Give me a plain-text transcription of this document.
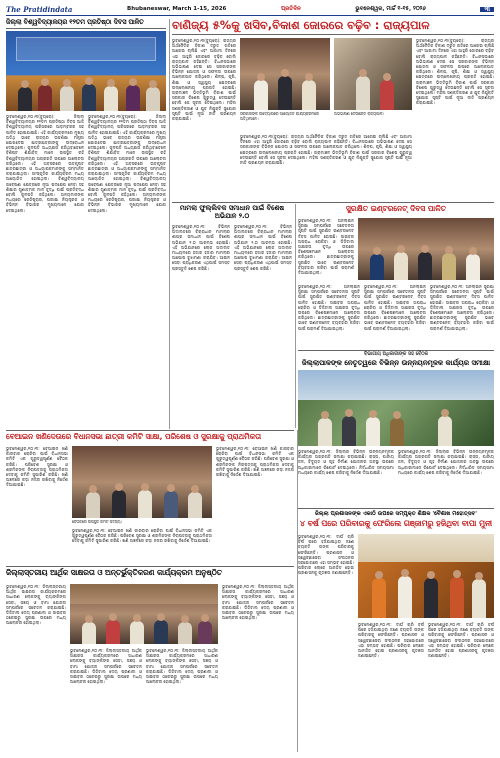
The Pratidindata	Bhubaneswar, March 1-15, 2026	ପ୍ରତିଦିନ	ଭୁବନେଶ୍ୱର, ମାର୍ଚ୍ଚ ୧-୧୫, ୨୦୨୬	୩
ଜିଲ୍ଲା ବିଶ୍ୱବିଦ୍ୟାଳୟର ୧୨ତମ ପ୍ରତିଷ୍ଠା ଦିବସ ପାଳିତ
ଭୁବନେଶ୍ୱର,୧୦।୩(ବ୍ୟୁରୋ): ଜିଲ୍ଲା ବିଶ୍ୱବିଦ୍ୟାଳୟର ୧୨ତମ ପ୍ରତିଷ୍ଠା ଦିବସ ଆଜି ବିଶ୍ୱବିଦ୍ୟାଳୟ ପରିସରରେ ଆଡ଼ମ୍ବରର ସହ ପାଳିତ ହୋଇଯାଇଛି। ଏହି କାର୍ଯ୍ୟକ୍ରମରେ ମୁଖ୍ୟ ଅତିଥି ଭାବେ ରାଜ୍ୟର ଉଚ୍ଚଶିକ୍ଷା ମନ୍ତ୍ରୀ ଯୋଗଦେଇ ଛାତ୍ରଛାତ୍ରୀଙ୍କୁ ଉଦ୍ବୋଧନ ଦେଇଥିଲେ। କୁଳପତି ଅଧ୍ୟକ୍ଷତା କରିଥିବାବେଳେ ବିଶିଷ୍ଟ ଶିକ୍ଷାବିତ୍ ମାନେ ଉପସ୍ଥିତ ରହି ବିଶ୍ୱବିଦ୍ୟାଳୟର ଅଗ୍ରଗତି ଉପରେ ଆଲୋଚନା କରିଥିଲେ। ଏହି ଅବସରରେ ଉତ୍କୃଷ୍ଟ ଛାତ୍ରଛାତ୍ରୀ ଓ ଅଧ୍ୟାପକମାନଙ୍କୁ ସମ୍ମାନିତ କରାଯାଇଥିଲା। ସାଂସ୍କୃତିକ କାର୍ଯ୍ୟକ୍ରମ ମଧ୍ୟ ଆୟୋଜିତ ହୋଇଥିଲା। ବିଶ୍ୱବିଦ୍ୟାଳୟ ଗବେଷଣା କ୍ଷେତ୍ରରେ ନୂଆ ପଦକ୍ଷେପ ନେବା ସହ ଶିକ୍ଷାର ଗୁଣାତ୍ମକ ମାନ ବୃଦ୍ଧି ପାଇଁ ପ୍ରତିବଦ୍ଧ ବୋଲି କୁଳପତି କହିଥିଲେ। ଅନ୍ୟମାନଙ୍କ ମଧ୍ୟରେ ରେଜିଷ୍ଟ୍ରାର, ପରୀକ୍ଷା ନିୟନ୍ତ୍ରକ ଓ ବିଭିନ୍ନ ବିଭାଗର ମୁଖ୍ୟମାନେ ଯୋଗ ଦେଇଥିଲେ।
ଭୁବନେଶ୍ୱର,୧୦।୩(ବ୍ୟୁରୋ): ଜିଲ୍ଲା ବିଶ୍ୱବିଦ୍ୟାଳୟର ୧୨ତମ ପ୍ରତିଷ୍ଠା ଦିବସ ଆଜି ବିଶ୍ୱବିଦ୍ୟାଳୟ ପରିସରରେ ଆଡ଼ମ୍ବରର ସହ ପାଳିତ ହୋଇଯାଇଛି। ଏହି କାର୍ଯ୍ୟକ୍ରମରେ ମୁଖ୍ୟ ଅତିଥି ଭାବେ ରାଜ୍ୟର ଉଚ୍ଚଶିକ୍ଷା ମନ୍ତ୍ରୀ ଯୋଗଦେଇ ଛାତ୍ରଛାତ୍ରୀଙ୍କୁ ଉଦ୍ବୋଧନ ଦେଇଥିଲେ। କୁଳପତି ଅଧ୍ୟକ୍ଷତା କରିଥିବାବେଳେ ବିଶିଷ୍ଟ ଶିକ୍ଷାବିତ୍ ମାନେ ଉପସ୍ଥିତ ରହି ବିଶ୍ୱବିଦ୍ୟାଳୟର ଅଗ୍ରଗତି ଉପରେ ଆଲୋଚନା କରିଥିଲେ। ଏହି ଅବସରରେ ଉତ୍କୃଷ୍ଟ ଛାତ୍ରଛାତ୍ରୀ ଓ ଅଧ୍ୟାପକମାନଙ୍କୁ ସମ୍ମାନିତ କରାଯାଇଥିଲା। ସାଂସ୍କୃତିକ କାର୍ଯ୍ୟକ୍ରମ ମଧ୍ୟ ଆୟୋଜିତ ହୋଇଥିଲା। ବିଶ୍ୱବିଦ୍ୟାଳୟ ଗବେଷଣା କ୍ଷେତ୍ରରେ ନୂଆ ପଦକ୍ଷେପ ନେବା ସହ ଶିକ୍ଷାର ଗୁଣାତ୍ମକ ମାନ ବୃଦ୍ଧି ପାଇଁ ପ୍ରତିବଦ୍ଧ ବୋଲି କୁଳପତି କହିଥିଲେ। ଅନ୍ୟମାନଙ୍କ ମଧ୍ୟରେ ରେଜିଷ୍ଟ୍ରାର, ପରୀକ୍ଷା ନିୟନ୍ତ୍ରକ ଓ ବିଭିନ୍ନ ବିଭାଗର ମୁଖ୍ୟମାନେ ଯୋଗ ଦେଇଥିଲେ।
ବାଣିଜ୍ୟ ୫%କୁ ଖସିବ,ବିକାଶ ଜୋରରେ ବଢ଼ିବ : ରାଜ୍ୟପାଳ
ଭୁବନେଶ୍ୱର,୧୦।୩(ବ୍ୟୁରୋ): ରାଜ୍ୟର ଅର୍ଥନୈତିକ ବିକାଶ ଦ୍ରୁତ ଗତିରେ ଆଗେଇ ଚାଲିଛି ଏବଂ ଆଗାମୀ ଦିନରେ ଏହା ଆହୁରି ଜୋରରେ ବଢ଼ିବ ବୋଲି ରାଜ୍ୟପାଳ କହିଛନ୍ତି। ବିଧାନସଭାରେ ଅଭିଭାଷଣ ଦେଇ ସେ ସରକାରଙ୍କ ବିଭିନ୍ନ ଯୋଜନା ଓ ସଫଳତା ଉପରେ ଆଲୋକପାତ କରିଥିଲେ। ଶିଳ୍ପ, କୃଷି, ଶିକ୍ଷା ଓ ସ୍ୱାସ୍ଥ୍ୟ କ୍ଷେତ୍ରରେ ଉଲ୍ଲେଖନୀୟ ପ୍ରଗତି ହୋଇଛି। ଗ୍ରାମାଞ୍ଚଳ ଭିତ୍ତିଭୂମି ବିକାଶ ପାଇଁ ସରକାର ବିଶେଷ ଗୁରୁତ୍ୱ ଦେଉଛନ୍ତି ବୋଲି ସେ ସୂଚନା ଦେଇଥିଲେ। ମହିଳା ସଶକ୍ତିକରଣ ଓ ଯୁବ ନିଯୁକ୍ତି ସୁଯୋଗ ସୃଷ୍ଟି ପାଇଁ ନୂଆ ନୀତି ପ୍ରଣୟନ କରାଯାଇଛି।
ସରକାରଙ୍କ ଉଦ୍ୟୋଗରେ ଆୟୋଜିତ କାର୍ଯ୍ୟକ୍ରମରେ ଅତିଥିମାନେ।
ଅଭିଭାଷଣ ଦେଉଛନ୍ତି ରାଜ୍ୟପାଳ।
ଭୁବନେଶ୍ୱର,୧୦।୩(ବ୍ୟୁରୋ): ରାଜ୍ୟର ଅର୍ଥନୈତିକ ବିକାଶ ଦ୍ରୁତ ଗତିରେ ଆଗେଇ ଚାଲିଛି ଏବଂ ଆଗାମୀ ଦିନରେ ଏହା ଆହୁରି ଜୋରରେ ବଢ଼ିବ ବୋଲି ରାଜ୍ୟପାଳ କହିଛନ୍ତି। ବିଧାନସଭାରେ ଅଭିଭାଷଣ ଦେଇ ସେ ସରକାରଙ୍କ ବିଭିନ୍ନ ଯୋଜନା ଓ ସଫଳତା ଉପରେ ଆଲୋକପାତ କରିଥିଲେ। ଶିଳ୍ପ, କୃଷି, ଶିକ୍ଷା ଓ ସ୍ୱାସ୍ଥ୍ୟ କ୍ଷେତ୍ରରେ ଉଲ୍ଲେଖନୀୟ ପ୍ରଗତି ହୋଇଛି। ଗ୍ରାମାଞ୍ଚଳ ଭିତ୍ତିଭୂମି ବିକାଶ ପାଇଁ ସରକାର ବିଶେଷ ଗୁରୁତ୍ୱ ଦେଉଛନ୍ତି ବୋଲି ସେ ସୂଚନା ଦେଇଥିଲେ। ମହିଳା ସଶକ୍ତିକରଣ ଓ ଯୁବ ନିଯୁକ୍ତି ସୁଯୋଗ ସୃଷ୍ଟି ପାଇଁ ନୂଆ ନୀତି ପ୍ରଣୟନ କରାଯାଇଛି।
ଭୁବନେଶ୍ୱର,୧୦।୩(ବ୍ୟୁରୋ): ରାଜ୍ୟର ଅର୍ଥନୈତିକ ବିକାଶ ଦ୍ରୁତ ଗତିରେ ଆଗେଇ ଚାଲିଛି ଏବଂ ଆଗାମୀ ଦିନରେ ଏହା ଆହୁରି ଜୋରରେ ବଢ଼ିବ ବୋଲି ରାଜ୍ୟପାଳ କହିଛନ୍ତି। ବିଧାନସଭାରେ ଅଭିଭାଷଣ ଦେଇ ସେ ସରକାରଙ୍କ ବିଭିନ୍ନ ଯୋଜନା ଓ ସଫଳତା ଉପରେ ଆଲୋକପାତ କରିଥିଲେ। ଶିଳ୍ପ, କୃଷି, ଶିକ୍ଷା ଓ ସ୍ୱାସ୍ଥ୍ୟ କ୍ଷେତ୍ରରେ ଉଲ୍ଲେଖନୀୟ ପ୍ରଗତି ହୋଇଛି। ଗ୍ରାମାଞ୍ଚଳ ଭିତ୍ତିଭୂମି ବିକାଶ ପାଇଁ ସରକାର ବିଶେଷ ଗୁରୁତ୍ୱ ଦେଉଛନ୍ତି ବୋଲି ସେ ସୂଚନା ଦେଇଥିଲେ। ମହିଳା ସଶକ୍ତିକରଣ ଓ ଯୁବ ନିଯୁକ୍ତି ସୁଯୋଗ ସୃଷ୍ଟି ପାଇଁ ନୂଆ ନୀତି ପ୍ରଣୟନ କରାଯାଇଛି।
ମାମଲା ଫୁଲ୍ଲିବକ ସମାଧାନ ପାଇଁ ବିଶେଷ ଅଭିଯାନ ୨.୦
ଭୁବନେଶ୍ୱର,୧୦।୩: ବିଭିନ୍ନ ଅଦାଲତରେ ବିଚାରାଧୀନ ମାମଲାର ଶୀଘ୍ର ସମାଧାନ ପାଇଁ ବିଶେଷ ଅଭିଯାନ ୨.୦ ଆରମ୍ଭ ହୋଇଛି। ଏହି ଅଭିଯାନରେ ଲୋକ ଅଦାଲତ ମାଧ୍ୟମରେ ହଜାର ହଜାର ମାମଲାର ଆପୋଷ ବୁଝାମଣା କରାଯିବ। ଆଇନ ସେବା ପ୍ରାଧିକରଣ ଏଥିପାଇଁ ସମସ୍ତ ପ୍ରସ୍ତୁତି ଶେଷ କରିଛି।
ଭୁବନେଶ୍ୱର,୧୦।୩: ବିଭିନ୍ନ ଅଦାଲତରେ ବିଚାରାଧୀନ ମାମଲାର ଶୀଘ୍ର ସମାଧାନ ପାଇଁ ବିଶେଷ ଅଭିଯାନ ୨.୦ ଆରମ୍ଭ ହୋଇଛି। ଏହି ଅଭିଯାନରେ ଲୋକ ଅଦାଲତ ମାଧ୍ୟମରେ ହଜାର ହଜାର ମାମଲାର ଆପୋଷ ବୁଝାମଣା କରାଯିବ। ଆଇନ ସେବା ପ୍ରାଧିକରଣ ଏଥିପାଇଁ ସମସ୍ତ ପ୍ରସ୍ତୁତି ଶେଷ କରିଛି।
ସୁରକ୍ଷିତ ଇଣ୍ଟରନେଟ୍ ଦିବସ ପାଳିତ
ଭୁବନେଶ୍ୱର,୧୦।୩: ଅନଲାଇନ ସୁରକ୍ଷା ସମ୍ପର୍କରେ ସଚେତନତା ସୃଷ୍ଟି ପାଇଁ ସୁରକ୍ଷିତ ଇଣ୍ଟରନେଟ୍ ଦିବସ ପାଳିତ ହୋଇଛି। ସାଇବର ଅପରାଧ ରୋକିବା ଓ ଡିଜିଟାଲ ସାକ୍ଷରତା ବୃଦ୍ଧି ଉପରେ ବିଶେଷଜ୍ଞମାନେ ଆଲୋଚନା କରିଥିଲେ। ଛାତ୍ରଛାତ୍ରୀଙ୍କୁ ସୁରକ୍ଷିତ ଭାବେ ଇଣ୍ଟରନେଟ୍ ବ୍ୟବହାର କରିବା ପାଇଁ ପରାମର୍ଶ ଦିଆଯାଇଥିଲା।
ଭୁବନେଶ୍ୱର,୧୦।୩: ଅନଲାଇନ ସୁରକ୍ଷା ସମ୍ପର୍କରେ ସଚେତନତା ସୃଷ୍ଟି ପାଇଁ ସୁରକ୍ଷିତ ଇଣ୍ଟରନେଟ୍ ଦିବସ ପାଳିତ ହୋଇଛି। ସାଇବର ଅପରାଧ ରୋକିବା ଓ ଡିଜିଟାଲ ସାକ୍ଷରତା ବୃଦ୍ଧି ଉପରେ ବିଶେଷଜ୍ଞମାନେ ଆଲୋଚନା କରିଥିଲେ। ଛାତ୍ରଛାତ୍ରୀଙ୍କୁ ସୁରକ୍ଷିତ ଭାବେ ଇଣ୍ଟରନେଟ୍ ବ୍ୟବହାର କରିବା ପାଇଁ ପରାମର୍ଶ ଦିଆଯାଇଥିଲା।
ଭୁବନେଶ୍ୱର,୧୦।୩: ଅନଲାଇନ ସୁରକ୍ଷା ସମ୍ପର୍କରେ ସଚେତନତା ସୃଷ୍ଟି ପାଇଁ ସୁରକ୍ଷିତ ଇଣ୍ଟରନେଟ୍ ଦିବସ ପାଳିତ ହୋଇଛି। ସାଇବର ଅପରାଧ ରୋକିବା ଓ ଡିଜିଟାଲ ସାକ୍ଷରତା ବୃଦ୍ଧି ଉପରେ ବିଶେଷଜ୍ଞମାନେ ଆଲୋଚନା କରିଥିଲେ। ଛାତ୍ରଛାତ୍ରୀଙ୍କୁ ସୁରକ୍ଷିତ ଭାବେ ଇଣ୍ଟରନେଟ୍ ବ୍ୟବହାର କରିବା ପାଇଁ ପରାମର୍ଶ ଦିଆଯାଇଥିଲା।
ଭୁବନେଶ୍ୱର,୧୦।୩: ଅନଲାଇନ ସୁରକ୍ଷା ସମ୍ପର୍କରେ ସଚେତନତା ସୃଷ୍ଟି ପାଇଁ ସୁରକ୍ଷିତ ଇଣ୍ଟରନେଟ୍ ଦିବସ ପାଳିତ ହୋଇଛି। ସାଇବର ଅପରାଧ ରୋକିବା ଓ ଡିଜିଟାଲ ସାକ୍ଷରତା ବୃଦ୍ଧି ଉପରେ ବିଶେଷଜ୍ଞମାନେ ଆଲୋଚନା କରିଥିଲେ। ଛାତ୍ରଛାତ୍ରୀଙ୍କୁ ସୁରକ୍ଷିତ ଭାବେ ଇଣ୍ଟରନେଟ୍ ବ୍ୟବହାର କରିବା ପାଇଁ ପରାମର୍ଶ ଦିଆଯାଇଥିଲା।
ବିଭାଗୀୟ ଅଧିକାରୀଙ୍କ ସହ ବୈଠକ
ଜିଲ୍ଲାପାଳଙ୍କ ନେତୃତ୍ୱରେ ବିଭିନ୍ନ ଉନ୍ନୟନମୂଳକ କାର୍ଯ୍ୟର ସମୀକ୍ଷା
ଭୁବନେଶ୍ୱର,୧୦।୩: ଜିଲ୍ଲାର ବିଭିନ୍ନ ଉନ୍ନୟନମୂଳକ କାର୍ଯ୍ୟର ଅଗ୍ରଗତି ସମୀକ୍ଷା କରାଯାଇଛି। ରାସ୍ତା, ପାନୀୟ ଜଳ, ବିଦ୍ୟୁତ ଓ ଗୃହ ନିର୍ମାଣ ଯୋଜନାର ଅବସ୍ଥା ଉପରେ ଅଧିକାରୀମାନେ ରିପୋର୍ଟ ଦେଇଥିଲେ। ନିର୍ଦ୍ଧାରିତ ସମୟସୀମା ମଧ୍ୟରେ କାର୍ଯ୍ୟ ଶେଷ କରିବାକୁ ନିର୍ଦ୍ଦେଶ ଦିଆଯାଇଛି।
ଭୁବନେଶ୍ୱର,୧୦।୩: ଜିଲ୍ଲାର ବିଭିନ୍ନ ଉନ୍ନୟନମୂଳକ କାର୍ଯ୍ୟର ଅଗ୍ରଗତି ସମୀକ୍ଷା କରାଯାଇଛି। ରାସ୍ତା, ପାନୀୟ ଜଳ, ବିଦ୍ୟୁତ ଓ ଗୃହ ନିର୍ମାଣ ଯୋଜନାର ଅବସ୍ଥା ଉପରେ ଅଧିକାରୀମାନେ ରିପୋର୍ଟ ଦେଇଥିଲେ। ନିର୍ଦ୍ଧାରିତ ସମୟସୀମା ମଧ୍ୟରେ କାର୍ଯ୍ୟ ଶେଷ କରିବାକୁ ନିର୍ଦ୍ଦେଶ ଦିଆଯାଇଛି।
ବେଆଇନ ଖଣିଦେଉରେ ବିଧାନସଭା ଛାତ୍ରୀ କମିଟି ସାକ୍ଷା, ପରିଶେଷ ଓ ସୁରକ୍ଷାକୁ ପ୍ରାଥମିକତା
ଭୁବନେଶ୍ୱର,୧୦।୩: ବେଆଇନ ଖଣି କାରବାର ରୋକିବା ପାଇଁ ବିଧାନସଭା କମିଟି ଏକ ଗୁରୁତ୍ୱପୂର୍ଣ୍ଣ ବୈଠକ କରିଛି। ପରିବେଶ ସୁରକ୍ଷା ଓ ଶ୍ରମିକଙ୍କ ନିରାପତ୍ତାକୁ ପ୍ରାଥମିକତା ଦେବାକୁ କମିଟି ସୁପାରିଶ କରିଛି। ଖଣି ଅଞ୍ଚଳରେ କଡ଼ା ନଜର ରଖିବାକୁ ନିର୍ଦ୍ଦେଶ ଦିଆଯାଇଛି।
ବୈଠକରେ ଉପସ୍ଥିତ କମିଟି ସଦସ୍ୟ।
ଭୁବନେଶ୍ୱର,୧୦।୩: ବେଆଇନ ଖଣି କାରବାର ରୋକିବା ପାଇଁ ବିଧାନସଭା କମିଟି ଏକ ଗୁରୁତ୍ୱପୂର୍ଣ୍ଣ ବୈଠକ କରିଛି। ପରିବେଶ ସୁରକ୍ଷା ଓ ଶ୍ରମିକଙ୍କ ନିରାପତ୍ତାକୁ ପ୍ରାଥମିକତା ଦେବାକୁ କମିଟି ସୁପାରିଶ କରିଛି। ଖଣି ଅଞ୍ଚଳରେ କଡ଼ା ନଜର ରଖିବାକୁ ନିର୍ଦ୍ଦେଶ ଦିଆଯାଇଛି।
ଭୁବନେଶ୍ୱର,୧୦।୩: ବେଆଇନ ଖଣି କାରବାର ରୋକିବା ପାଇଁ ବିଧାନସଭା କମିଟି ଏକ ଗୁରୁତ୍ୱପୂର୍ଣ୍ଣ ବୈଠକ କରିଛି। ପରିବେଶ ସୁରକ୍ଷା ଓ ଶ୍ରମିକଙ୍କ ନିରାପତ୍ତାକୁ ପ୍ରାଥମିକତା ଦେବାକୁ କମିଟି ସୁପାରିଶ କରିଛି। ଖଣି ଅଞ୍ଚଳରେ କଡ଼ା ନଜର ରଖିବାକୁ ନିର୍ଦ୍ଦେଶ ଦିଆଯାଇଛି।
ଜିଲ୍ଲାସ୍ତରୀୟ ଆର୍ଥିକ ସାକ୍ଷରତା ଓ ଅନ୍ତର୍ଭୁକ୍ତିକରଣ କାର୍ଯ୍ୟକ୍ରମ ଅନୁଷ୍ଠିତ
ଭୁବନେଶ୍ୱର,୧୦।୩: ଜିଲ୍ଲାସ୍ତରୀୟ ଆର୍ଥିକ ସାକ୍ଷରତା କାର୍ଯ୍ୟକ୍ରମରେ ସାଧାରଣ ଲୋକଙ୍କୁ ବ୍ୟାଙ୍କିଙ୍ଗ ସେବା, ସଞ୍ଚୟ ଓ ବୀମା ଯୋଜନା ସମ୍ପର୍କରେ ସଚେତନ କରାଯାଇଛି। ଡିଜିଟାଲ ଦେୟ ପ୍ରଣାଳୀ ଓ ସାଇବର ଠକେଇରୁ ସୁରକ୍ଷା ଉପରେ ମଧ୍ୟ ଆଲୋଚନା ହୋଇଥିଲା।
ଭୁବନେଶ୍ୱର,୧୦।୩: ଜିଲ୍ଲାସ୍ତରୀୟ ଆର୍ଥିକ ସାକ୍ଷରତା କାର୍ଯ୍ୟକ୍ରମରେ ସାଧାରଣ ଲୋକଙ୍କୁ ବ୍ୟାଙ୍କିଙ୍ଗ ସେବା, ସଞ୍ଚୟ ଓ ବୀମା ଯୋଜନା ସମ୍ପର୍କରେ ସଚେତନ କରାଯାଇଛି। ଡିଜିଟାଲ ଦେୟ ପ୍ରଣାଳୀ ଓ ସାଇବର ଠକେଇରୁ ସୁରକ୍ଷା ଉପରେ ମଧ୍ୟ ଆଲୋଚନା ହୋଇଥିଲା।
ଭୁବନେଶ୍ୱର,୧୦।୩: ଜିଲ୍ଲାସ୍ତରୀୟ ଆର୍ଥିକ ସାକ୍ଷରତା କାର୍ଯ୍ୟକ୍ରମରେ ସାଧାରଣ ଲୋକଙ୍କୁ ବ୍ୟାଙ୍କିଙ୍ଗ ସେବା, ସଞ୍ଚୟ ଓ ବୀମା ଯୋଜନା ସମ୍ପର୍କରେ ସଚେତନ କରାଯାଇଛି। ଡିଜିଟାଲ ଦେୟ ପ୍ରଣାଳୀ ଓ ସାଇବର ଠକେଇରୁ ସୁରକ୍ଷା ଉପରେ ମଧ୍ୟ ଆଲୋଚନା ହୋଇଥିଲା।
ଭୁବନେଶ୍ୱର,୧୦।୩: ଜିଲ୍ଲାସ୍ତରୀୟ ଆର୍ଥିକ ସାକ୍ଷରତା କାର୍ଯ୍ୟକ୍ରମରେ ସାଧାରଣ ଲୋକଙ୍କୁ ବ୍ୟାଙ୍କିଙ୍ଗ ସେବା, ସଞ୍ଚୟ ଓ ବୀମା ଯୋଜନା ସମ୍ପର୍କରେ ସଚେତନ କରାଯାଇଛି। ଡିଜିଟାଲ ଦେୟ ପ୍ରଣାଳୀ ଓ ସାଇବର ଠକେଇରୁ ସୁରକ୍ଷା ଉପରେ ମଧ୍ୟ ଆଲୋଚନା ହୋଇଥିଲା।
ଜିଲ୍ଲା ପ୍ରଶାସନଙ୍କ ଏକାଠି ଉପରେ ସମ୍ପୃକ୍ତ ଶିକ୍ଷକ 'ବୈଶାଖ ମହୋତ୍ସବ'
୪ ବର୍ଷ ପରେ ପରିବାରକୁ ଫେରିଲେ ଗଞ୍ଜାମରୁ ହଜିଥିବା ବାପା ମୁନୀ
ଭୁବନେଶ୍ୱର,୧୦।୩: ଦୀର୍ଘ ଚାରି ବର୍ଷ ପରେ ହଜିଯାଇଥିବା ଜଣେ ବ୍ୟକ୍ତି ତାଙ୍କ ପରିବାରକୁ ଫେରିଛନ୍ତି। ପ୍ରଶାସନ ଓ ସ୍ୱେଚ୍ଛାସେବୀ ସଂଗଠନର ସହଯୋଗରେ ଏହା ସମ୍ଭବ ହୋଇଛି। ପରିବାର ଲୋକେ ଆନନ୍ଦିତ ହୋଇ ପ୍ରଶାସନକୁ କୃତଜ୍ଞତା ଜଣାଇଛନ୍ତି।
ଭୁବନେଶ୍ୱର,୧୦।୩: ଦୀର୍ଘ ଚାରି ବର୍ଷ ପରେ ହଜିଯାଇଥିବା ଜଣେ ବ୍ୟକ୍ତି ତାଙ୍କ ପରିବାରକୁ ଫେରିଛନ୍ତି। ପ୍ରଶାସନ ଓ ସ୍ୱେଚ୍ଛାସେବୀ ସଂଗଠନର ସହଯୋଗରେ ଏହା ସମ୍ଭବ ହୋଇଛି। ପରିବାର ଲୋକେ ଆନନ୍ଦିତ ହୋଇ ପ୍ରଶାସନକୁ କୃତଜ୍ଞତା ଜଣାଇଛନ୍ତି।
ଭୁବନେଶ୍ୱର,୧୦।୩: ଦୀର୍ଘ ଚାରି ବର୍ଷ ପରେ ହଜିଯାଇଥିବା ଜଣେ ବ୍ୟକ୍ତି ତାଙ୍କ ପରିବାରକୁ ଫେରିଛନ୍ତି। ପ୍ରଶାସନ ଓ ସ୍ୱେଚ୍ଛାସେବୀ ସଂଗଠନର ସହଯୋଗରେ ଏହା ସମ୍ଭବ ହୋଇଛି। ପରିବାର ଲୋକେ ଆନନ୍ଦିତ ହୋଇ ପ୍ରଶାସନକୁ କୃତଜ୍ଞତା ଜଣାଇଛନ୍ତି।
